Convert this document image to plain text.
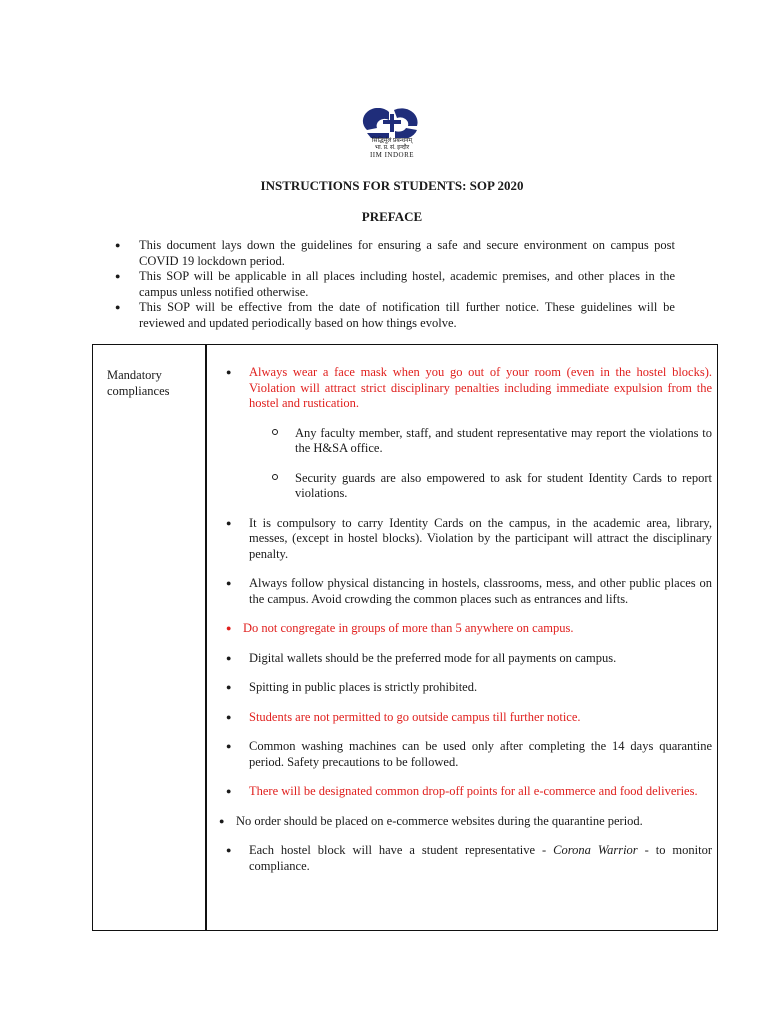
सिद्धिर्मूलं प्रबन्धनम्
भा. प्र. सं. इन्दौर
IIM INDORE
INSTRUCTIONS FOR STUDENTS: SOP 2020
PREFACE
● This document lays down the guidelines for ensuring a safe and secure environment on campus post COVID 19 lockdown period.
● This SOP will be applicable in all places including hostel, academic premises, and other places in the campus unless notified otherwise.
● This SOP will be effective from the date of notification till further notice. These guidelines will be reviewed and updated periodically based on how things evolve.
Mandatory compliances
● Always wear a face mask when you go out of your room (even in the hostel blocks). Violation will attract strict disciplinary penalties including immediate expulsion from the hostel and rustication.
Any faculty member, staff, and student representative may report the violations to the H&SA office.
Security guards are also empowered to ask for student Identity Cards to report violations.
● It is compulsory to carry Identity Cards on the campus, in the academic area, library, messes, (except in hostel blocks). Violation by the participant will attract the disciplinary penalty.
● Always follow physical distancing in hostels, classrooms, mess, and other public places on the campus. Avoid crowding the common places such as entrances and lifts.
● Do not congregate in groups of more than 5 anywhere on campus.
● Digital wallets should be the preferred mode for all payments on campus.
● Spitting in public places is strictly prohibited.
● Students are not permitted to go outside campus till further notice.
● Common washing machines can be used only after completing the 14 days quarantine period. Safety precautions to be followed.
● There will be designated common drop-off points for all e-commerce and food deliveries.
● No order should be placed on e-commerce websites during the quarantine period.
● Each hostel block will have a student representative - Corona Warrior - to monitor compliance.
